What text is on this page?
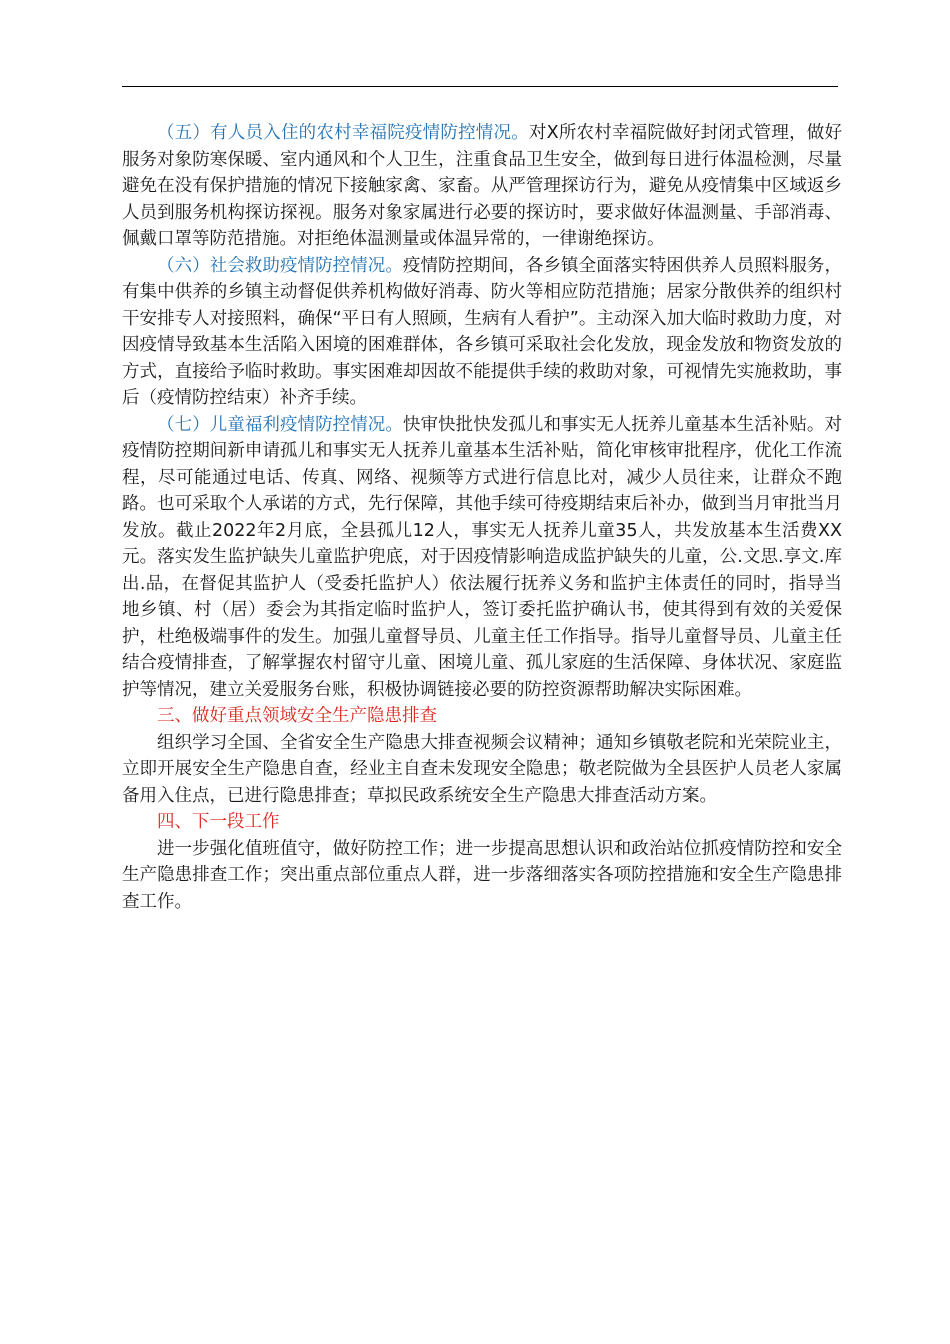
（五）有人员入住的农村幸福院疫情防控情况。对X所农村幸福院做好封闭式管理，做好服务对象防寒保暖、室内通风和个人卫生，注重食品卫生安全，做到每日进行体温检测，尽量避免在没有保护措施的情况下接触家禽、家畜。从严管理探访行为，避免从疫情集中区域返乡人员到服务机构探访探视。服务对象家属进行必要的探访时，要求做好体温测量、手部消毒、佩戴口罩等防范措施。对拒绝体温测量或体温异常的，一律谢绝探访。

（六）社会救助疫情防控情况。疫情防控期间，各乡镇全面落实特困供养人员照料服务，有集中供养的乡镇主动督促供养机构做好消毒、防火等相应防范措施；居家分散供养的组织村干安排专人对接照料，确保“平日有人照顾，生病有人看护”。主动深入加大临时救助力度，对因疫情导致基本生活陷入困境的困难群体，各乡镇可采取社会化发放，现金发放和物资发放的方式，直接给予临时救助。事实困难却因故不能提供手续的救助对象，可视情先实施救助，事后（疫情防控结束）补齐手续。

（七）儿童福利疫情防控情况。快审快批快发孤儿和事实无人抚养儿童基本生活补贴。对疫情防控期间新申请孤儿和事实无人抚养儿童基本生活补贴，简化审核审批程序，优化工作流程，尽可能通过电话、传真、网络、视频等方式进行信息比对，减少人员往来，让群众不跑路。也可采取个人承诺的方式，先行保障，其他手续可待疫期结束后补办，做到当月审批当月发放。截止2022年2月底，全县孤儿12人，事实无人抚养儿童35人，共发放基本生活费XX元。落实发生监护缺失儿童监护兜底，对于因疫情影响造成监护缺失的儿童，公.文思.享文.库出.品，在督促其监护人（受委托监护人）依法履行抚养义务和监护主体责任的同时，指导当地乡镇、村（居）委会为其指定临时监护人，签订委托监护确认书，使其得到有效的关爱保护，杜绝极端事件的发生。加强儿童督导员、儿童主任工作指导。指导儿童督导员、儿童主任结合疫情排查，了解掌握农村留守儿童、困境儿童、孤儿家庭的生活保障、身体状况、家庭监护等情况，建立关爱服务台账，积极协调链接必要的防控资源帮助解决实际困难。

三、做好重点领域安全生产隐患排查

组织学习全国、全省安全生产隐患大排查视频会议精神；通知乡镇敬老院和光荣院业主，立即开展安全生产隐患自查，经业主自查未发现安全隐患；敬老院做为全县医护人员老人家属备用入住点，已进行隐患排查；草拟民政系统安全生产隐患大排查活动方案。

四、下一段工作

进一步强化值班值守，做好防控工作；进一步提高思想认识和政治站位抓疫情防控和安全生产隐患排查工作；突出重点部位重点人群，进一步落细落实各项防控措施和安全生产隐患排查工作。
